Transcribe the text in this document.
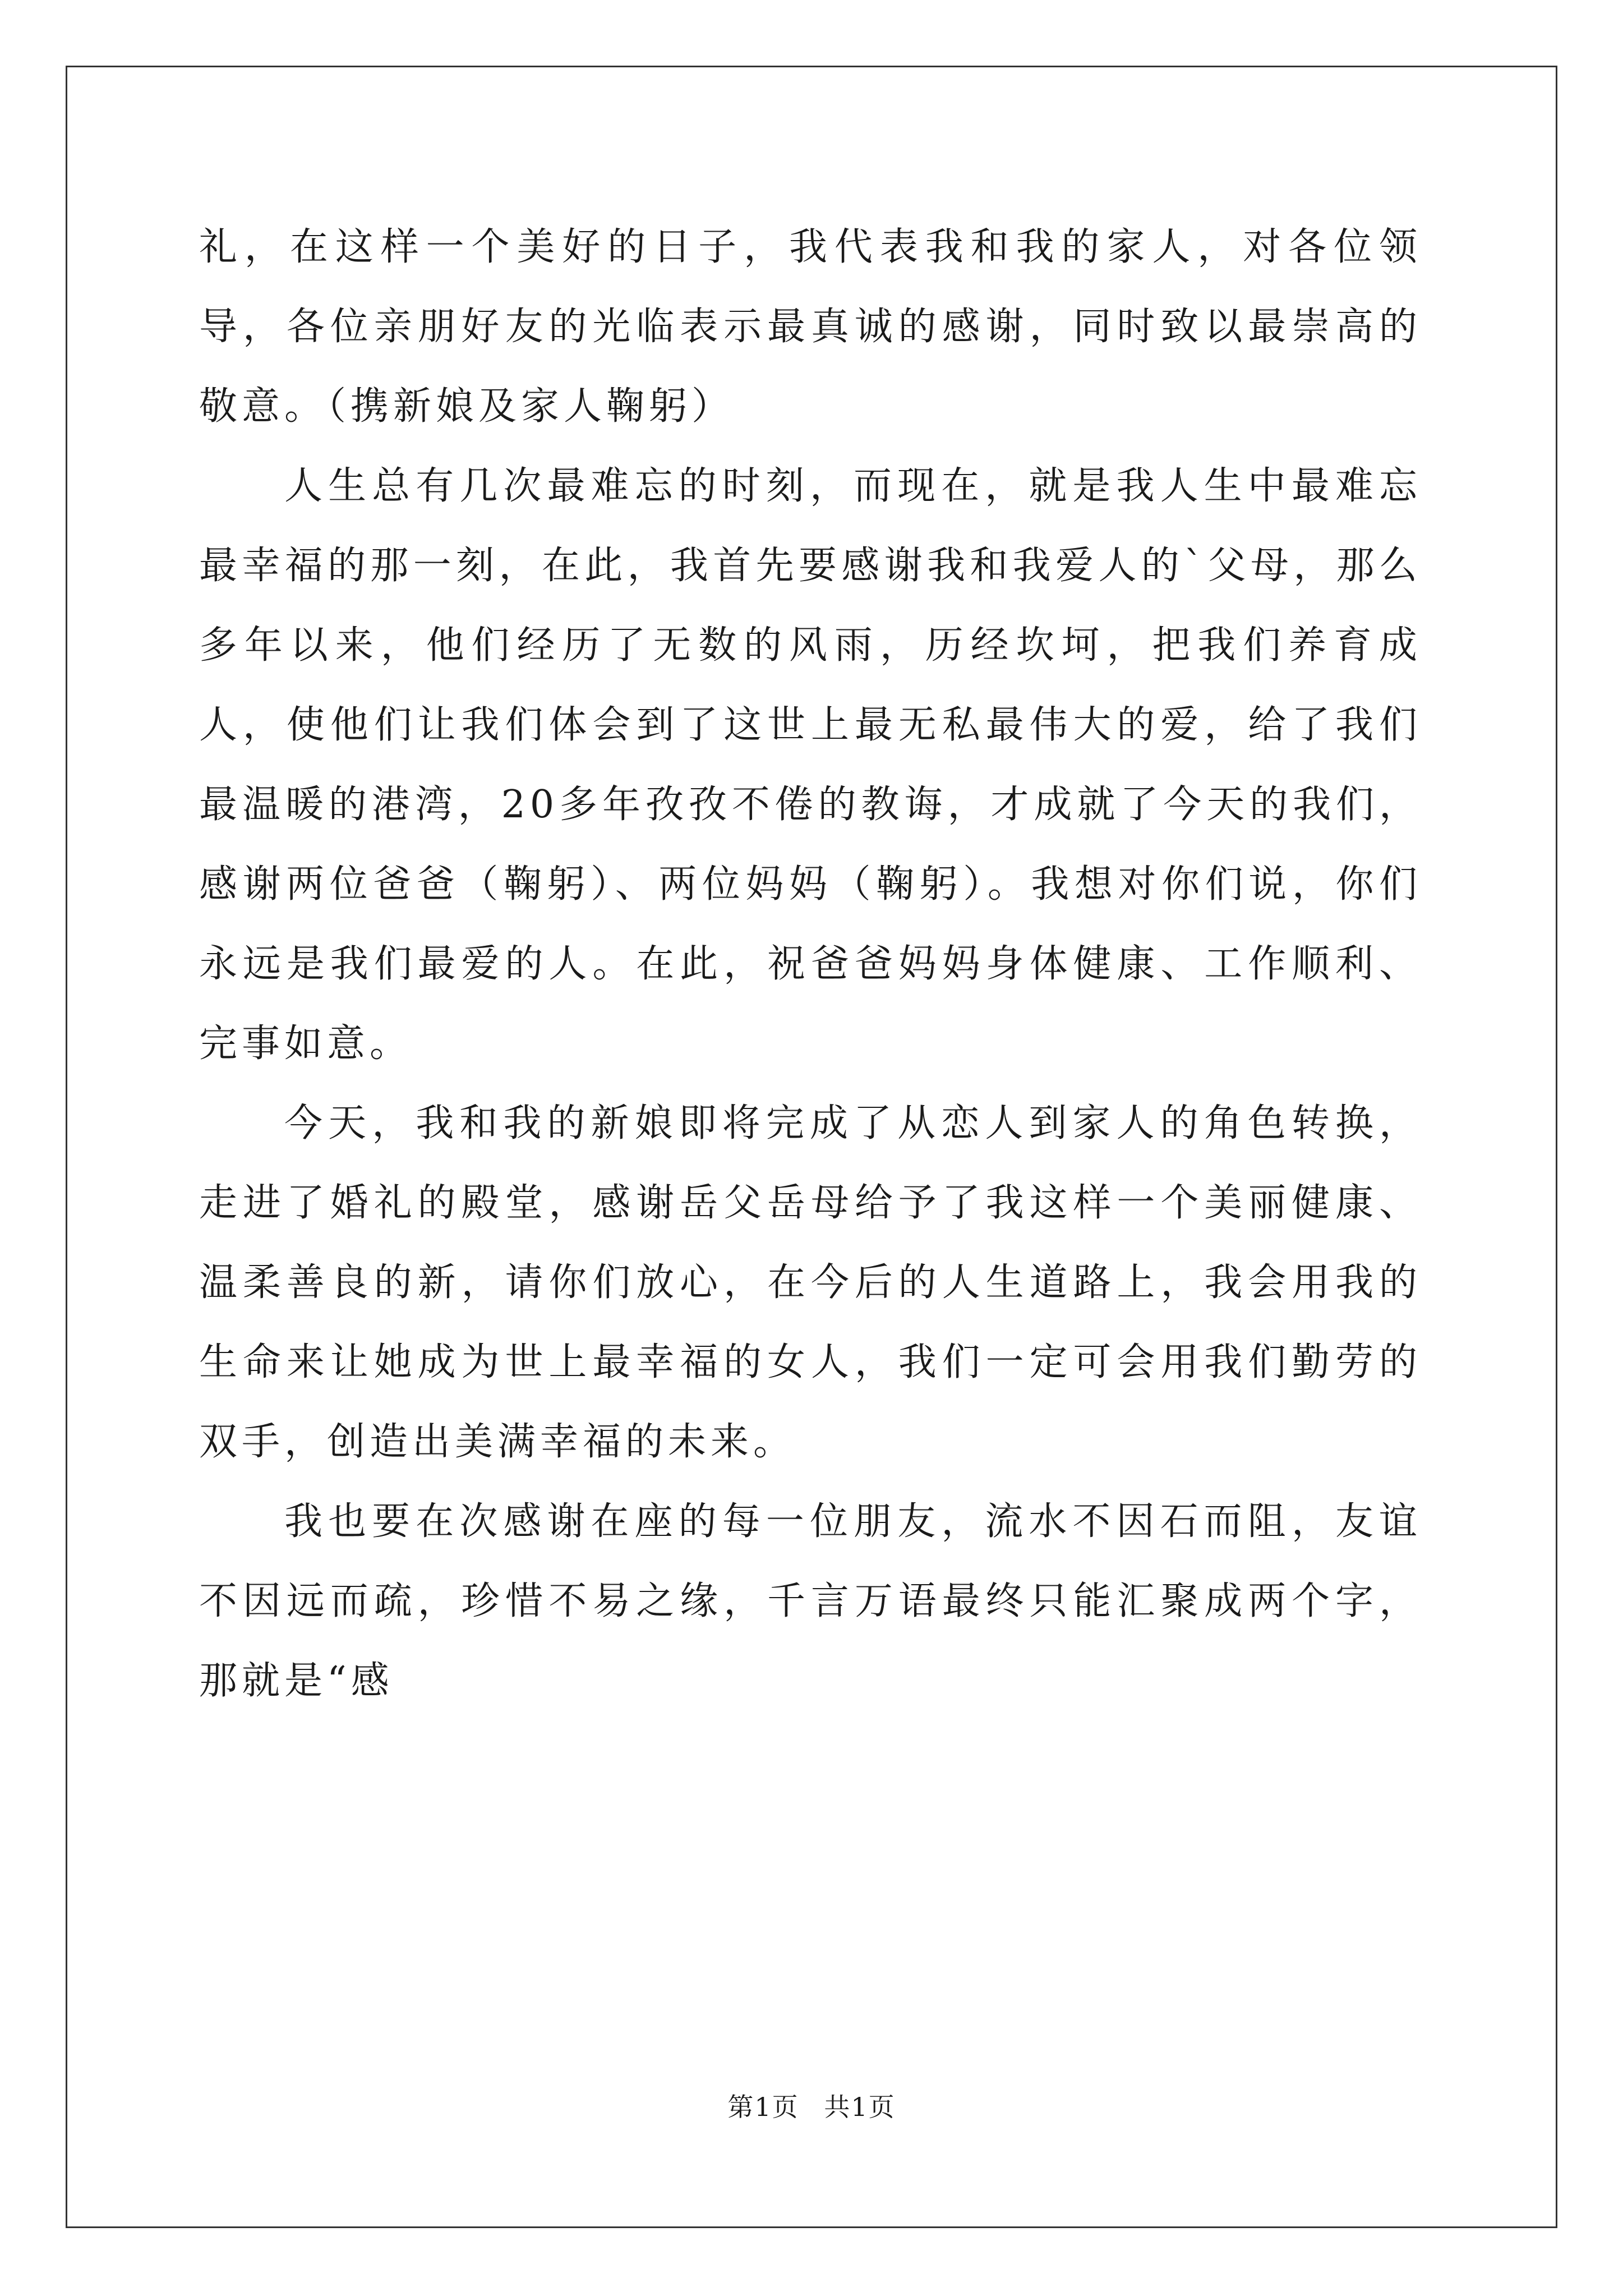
礼，在这样一个美好的日子，我代表我和我的家人，对各位领导，各位亲朋好友的光临表示最真诚的感谢，同时致以最崇高的敬意。（携新娘及家人鞠躬）

人生总有几次最难忘的时刻，而现在，就是我人生中最难忘最幸福的那一刻，在此，我首先要感谢我和我爱人的`父母，那么多年以来，他们经历了无数的风雨，历经坎坷，把我们养育成人，使他们让我们体会到了这世上最无私最伟大的爱，给了我们最温暖的港湾，20多年孜孜不倦的教诲，才成就了今天的我们，感谢两位爸爸（鞠躬）、两位妈妈（鞠躬）。我想对你们说，你们永远是我们最爱的人。在此，祝爸爸妈妈身体健康、工作顺利、完事如意。

今天，我和我的新娘即将完成了从恋人到家人的角色转换，走进了婚礼的殿堂，感谢岳父岳母给予了我这样一个美丽健康、温柔善良的新，请你们放心，在今后的人生道路上，我会用我的生命来让她成为世上最幸福的女人，我们一定可会用我们勤劳的双手，创造出美满幸福的未来。

我也要在次感谢在座的每一位朋友，流水不因石而阻，友谊不因远而疏，珍惜不易之缘，千言万语最终只能汇聚成两个字，那就是“感

第1页 共1页
